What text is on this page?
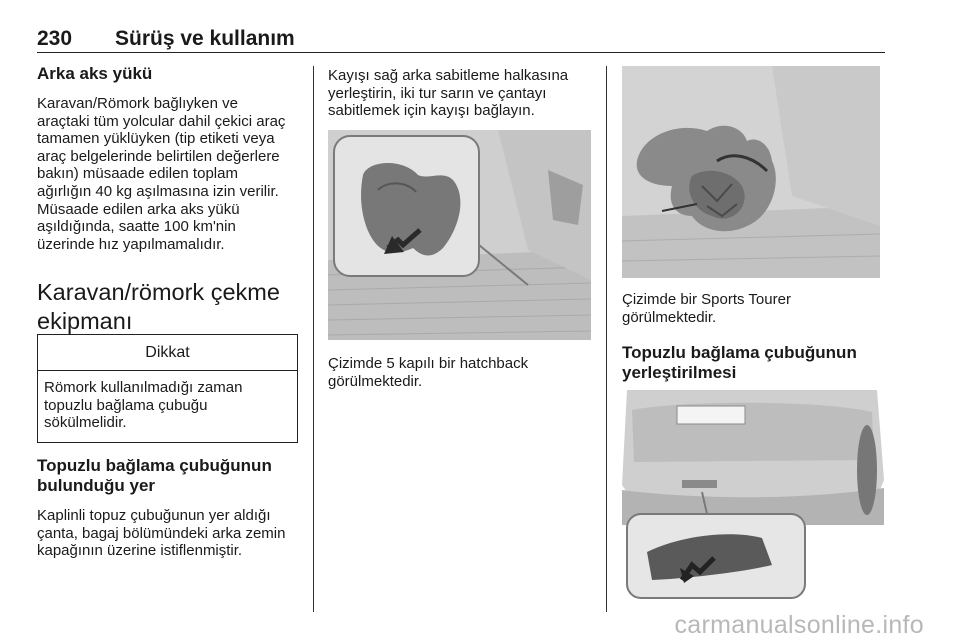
230 Sürüş ve kullanım
Arka aks yükü

Karavan/Römork bağlıyken ve

araçtaki tüm yolcular dahil çekici araç

tamamen yüklüyken (tip etiketi veya

araç belgelerinde belirtilen değerlere

bakın) müsaade edilen toplam

ağırlığın 40 kg aşılmasına izin verilir.

Müsaade edilen arka aks yükü

aşıldığında, saatte 100 km'nin

üzerinde hız yapılmamalıdır.

Karavan/römork çekme
ekipmanı
Dikkat

Römork kullanılmadığı zaman

topuzlu bağlama çubuğu

sökülmelidir.

Topuzlu bağlama çubuğunun
bulunduğu yer

Kaplinli topuz çubuğunun yer aldığı

çanta, bagaj bölümündeki arka zemin

kapağının üzerine istiflenmiştir.

Kayışı sağ arka sabitleme halkasına

yerleştirin, iki tur sarın ve çantayı

sabitlemek için kayışı bağlayın.

Çizimde 5 kapılı bir hatchback

görülmektedir.

Çizimde bir Sports Tourer

görülmektedir.

Topuzlu bağlama çubuğunun
yerleştirilmesi
carmanualsonline.info
